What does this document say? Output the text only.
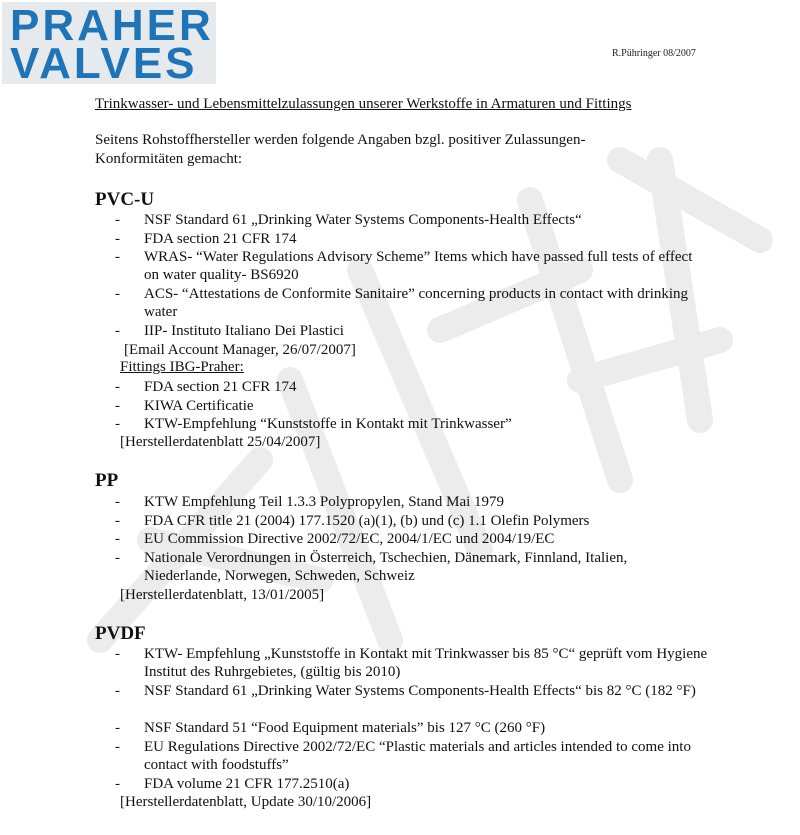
PRAHER
VALVES	R.Pühringer 08/2007
Trinkwasser- und Lebensmittelzulassungen unserer Werkstoffe in Armaturen und Fittings
Seitens Rohstoffhersteller werden folgende Angaben bzgl. positiver Zulassungen-Konformitäten gemacht:
PVC-U
- NSF Standard 61 „Drinking Water Systems Components-Health Effects“
- FDA section 21 CFR 174
- WRAS- “Water Regulations Advisory Scheme” Items which have passed full tests of effect on water quality- BS6920
- ACS- “Attestations de Conformite Sanitaire” concerning products in contact with drinking water
- IIP- Instituto Italiano Dei Plastici
[Email Account Manager, 26/07/2007]
Fittings IBG-Praher:
- FDA section 21 CFR 174
- KIWA Certificatie
- KTW-Empfehlung “Kunststoffe in Kontakt mit Trinkwasser”
[Herstellerdatenblatt 25/04/2007]
PP
- KTW Empfehlung Teil 1.3.3 Polypropylen, Stand Mai 1979
- FDA CFR title 21 (2004) 177.1520 (a)(1), (b) und (c) 1.1 Olefin Polymers
- EU Commission Directive 2002/72/EC, 2004/1/EC und 2004/19/EC
- Nationale Verordnungen in Österreich, Tschechien, Dänemark, Finnland, Italien, Niederlande, Norwegen, Schweden, Schweiz
[Herstellerdatenblatt, 13/01/2005]
PVDF
- KTW- Empfehlung „Kunststoffe in Kontakt mit Trinkwasser bis 85 °C“ geprüft vom Hygiene Institut des Ruhrgebietes, (gültig bis 2010)
- NSF Standard 61 „Drinking Water Systems Components-Health Effects“ bis 82 °C (182 °F)
- NSF Standard 51 “Food Equipment materials” bis 127 °C (260 °F)
- EU Regulations Directive 2002/72/EC “Plastic materials and articles intended to come into contact with foodstuffs”
- FDA volume 21 CFR 177.2510(a)
[Herstellerdatenblatt, Update 30/10/2006]
